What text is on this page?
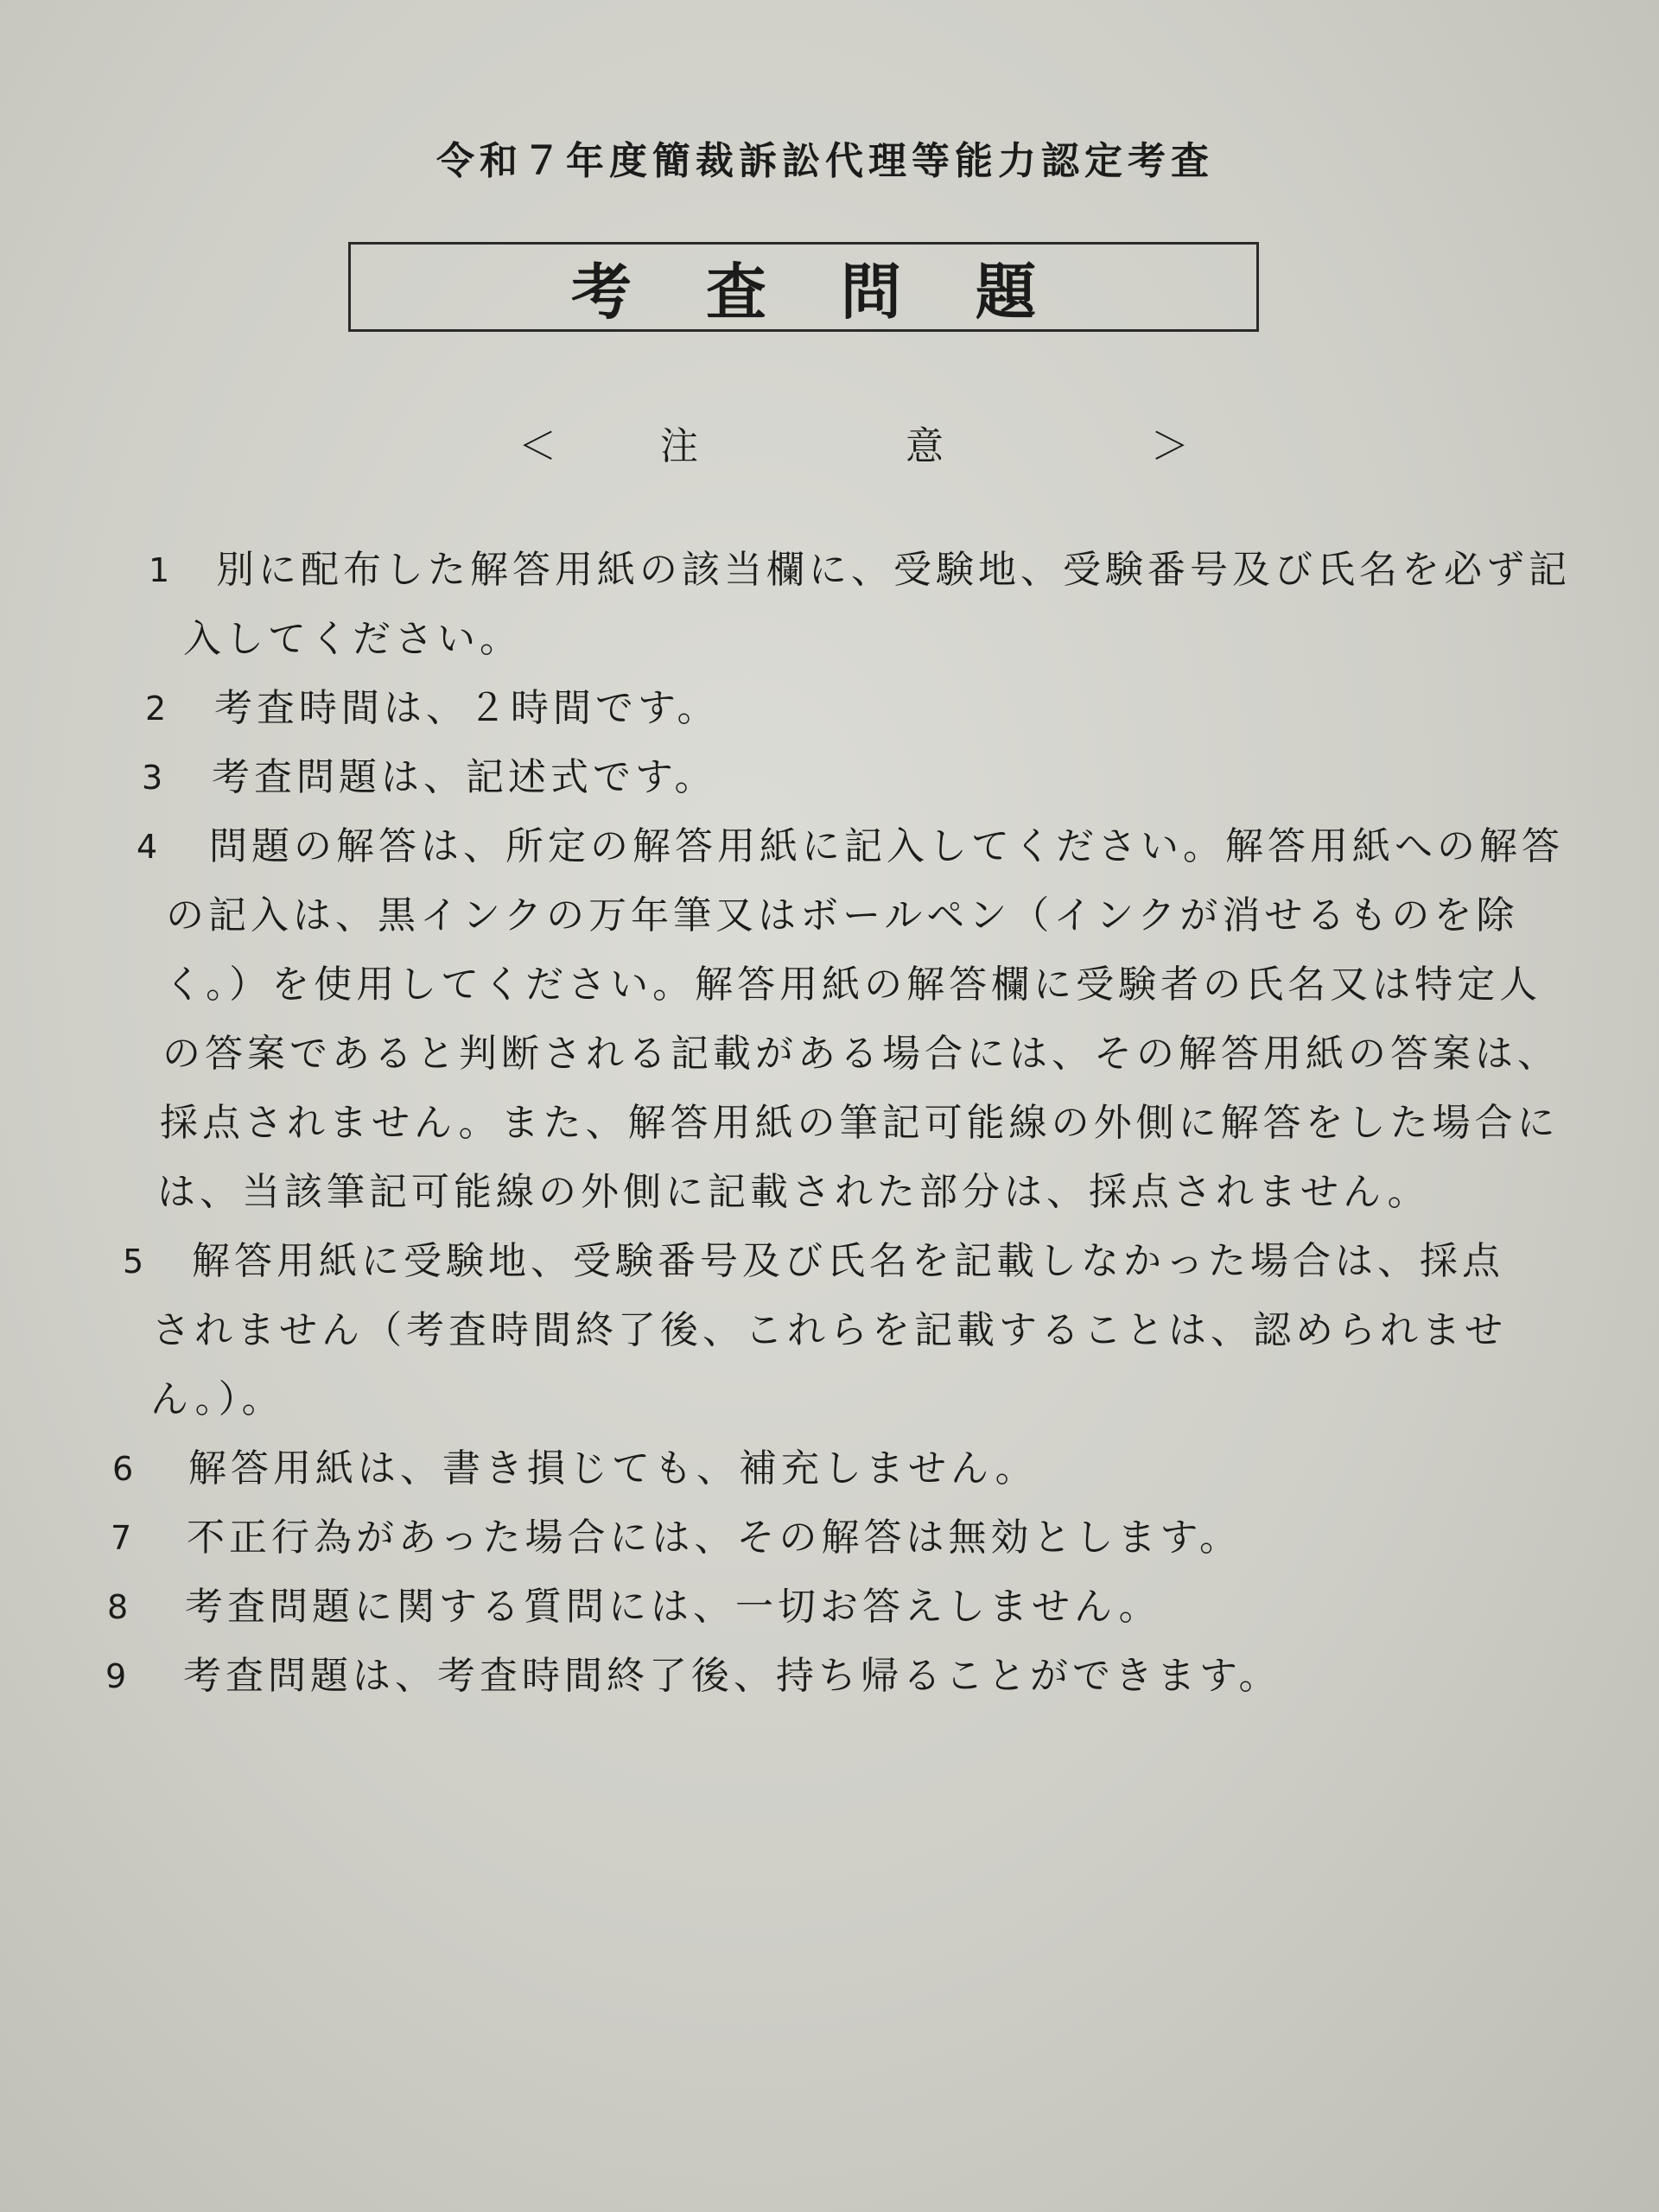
令和７年度簡裁訴訟代理等能力認定考査
考査問題
＜	注意 ＞
1	別に配布した解答用紙の該当欄に、受験地、受験番号及び氏名を必ず記
入してください。
2	考査時間は、２時間です。
3	考査問題は、記述式です。
4	問題の解答は、所定の解答用紙に記入してください。解答用紙への解答
の記入は、黒インクの万年筆又はボールペン（インクが消せるものを除
く。）を使用してください。解答用紙の解答欄に受験者の氏名又は特定人
の答案であると判断される記載がある場合には、その解答用紙の答案は、
採点されません。また、解答用紙の筆記可能線の外側に解答をした場合に
は、当該筆記可能線の外側に記載された部分は、採点されません。
5	解答用紙に受験地、受験番号及び氏名を記載しなかった場合は、採点
されません（考査時間終了後、これらを記載することは、認められませ
ん。）。
6	解答用紙は、書き損じても、補充しません。
7	不正行為があった場合には、その解答は無効とします。
8	考査問題に関する質問には、一切お答えしません。
9	考査問題は、考査時間終了後、持ち帰ることができます。
